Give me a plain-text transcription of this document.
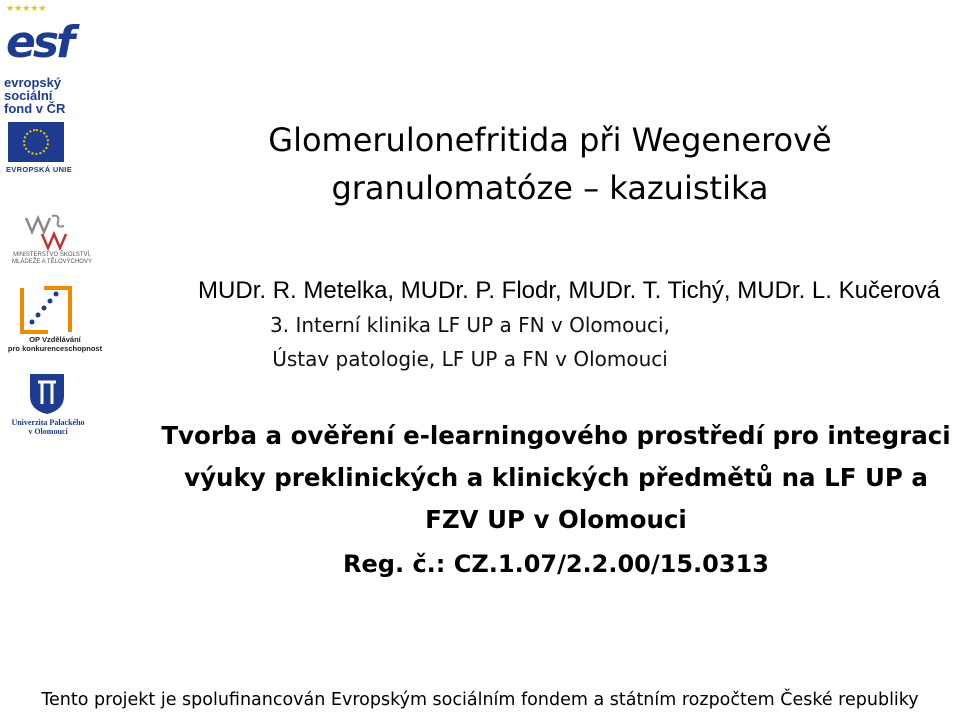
★★★★★
esf
evropský
sociální
fond v ČR
EVROPSKÁ UNIE
MINISTERSTVO ŠKOLSTVÍ,
MLÁDEŽE A TĚLOVÝCHOVY
OP Vzdělávání
pro konkurenceschopnost
Univerzita Palackého
v Olomouci
Glomerulonefritida při Wegenerově
granulomatóze – kazuistika
MUDr. R. Metelka, MUDr. P. Flodr, MUDr. T. Tichý, MUDr. L. Kučerová
3. Interní klinika LF UP a FN v Olomouci,
Ústav patologie, LF UP a FN v Olomouci
Tvorba a ověření e-learningového prostředí pro integraci
výuky preklinických a klinických předmětů na LF UP a
FZV UP v Olomouci
Reg. č.: CZ.1.07/2.2.00/15.0313
Tento projekt je spolufinancován Evropským sociálním fondem a státním rozpočtem České republiky
